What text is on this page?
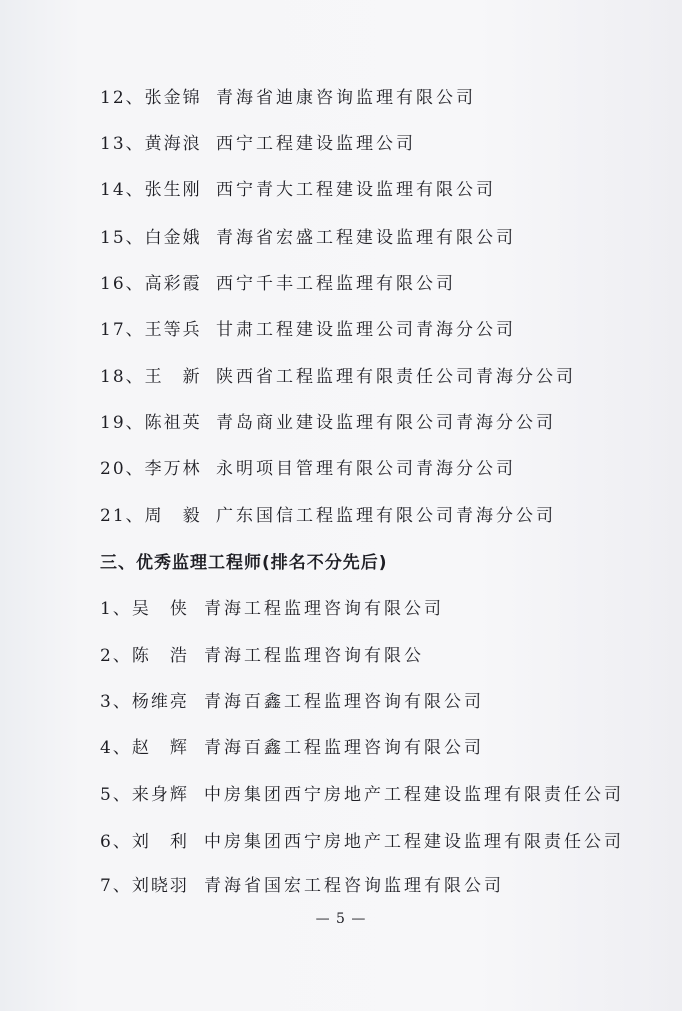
12、张金锦 青海省迪康咨询监理有限公司
13、黄海浪 西宁工程建设监理公司
14、张生刚 西宁青大工程建设监理有限公司
15、白金娥 青海省宏盛工程建设监理有限公司
16、高彩霞 西宁千丰工程监理有限公司
17、王等兵 甘肃工程建设监理公司青海分公司
18、王　新 陕西省工程监理有限责任公司青海分公司
19、陈祖英 青岛商业建设监理有限公司青海分公司
20、李万林 永明项目管理有限公司青海分公司
21、周　毅 广东国信工程监理有限公司青海分公司
三、优秀监理工程师(排名不分先后)
1、吴　侠 青海工程监理咨询有限公司
2、陈　浩 青海工程监理咨询有限公
3、杨维亮 青海百鑫工程监理咨询有限公司
4、赵　辉 青海百鑫工程监理咨询有限公司
5、来身辉 中房集团西宁房地产工程建设监理有限责任公司
6、刘　利 中房集团西宁房地产工程建设监理有限责任公司
7、刘晓羽 青海省国宏工程咨询监理有限公司
— 5 —
